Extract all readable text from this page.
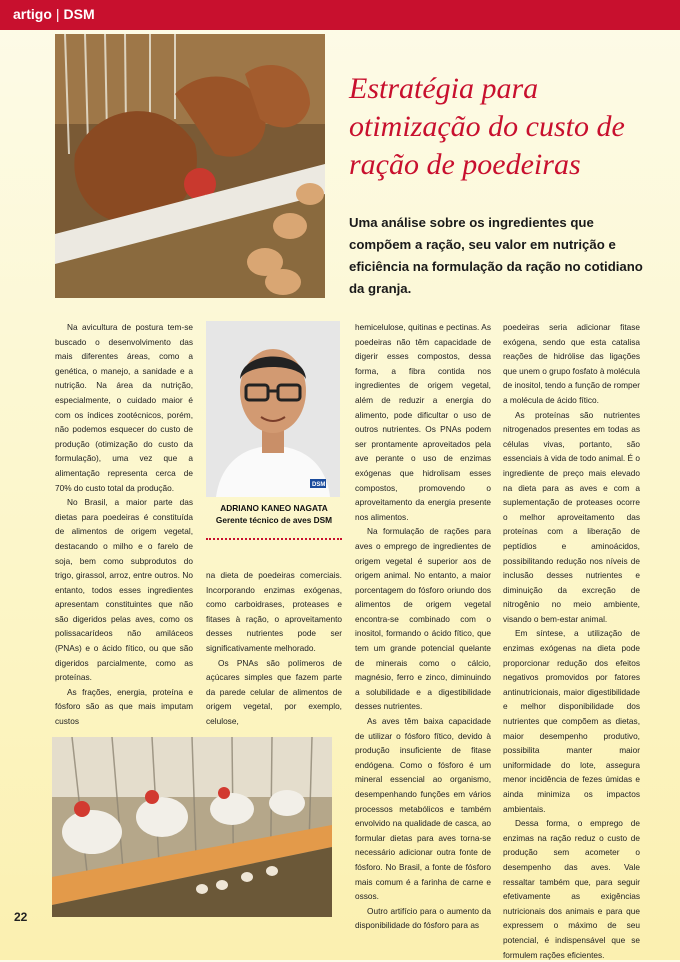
artigo | DSM
Estratégia para otimização do custo de ração de poedeiras

Uma análise sobre os ingredientes que compõem a ração, seu valor em nutrição e eficiência na formulação da ração no cotidiano da granja.

Na avicultura de postura tem-se buscado o desenvolvimento das mais diferentes áreas, como a genética, o manejo, a sanidade e a nutrição. Na área da nutrição, especialmente, o cuidado maior é com os índices zootécnicos, porém, não podemos esquecer do custo de produção (otimização do custo da formulação), uma vez que a alimentação representa cerca de 70% do custo total da produção.

No Brasil, a maior parte das dietas para poedeiras é constituída de alimentos de origem vegetal, destacando o milho e o farelo de soja, bem como subprodutos do trigo, girassol, arroz, entre outros. No entanto, todos esses ingredientes apresentam constituintes que não são digeridos pelas aves, como os polissacarídeos não amiláceos (PNAs) e o ácido fítico, ou que são digeridos parcialmente, como as proteínas.

As frações, energia, proteína e fósforo são as que mais imputam custos

DSM
ADRIANO KANEO NAGATA
Gerente técnico de aves DSM

na dieta de poedeiras comerciais. Incorporando enzimas exógenas, como carboidrases, proteases e fitases à ração, o aproveitamento desses nutrientes pode ser significativamente melhorado.

Os PNAs são polímeros de açúcares simples que fazem parte da parede celular de alimentos de origem vegetal, por exemplo, celulose,

hemicelulose, quitinas e pectinas. As poedeiras não têm capacidade de digerir esses compostos, dessa forma, a fibra contida nos ingredientes de origem vegetal, além de reduzir a energia do alimento, pode dificultar o uso de outros nutrientes. Os PNAs podem ser prontamente aproveitados pela ave perante o uso de enzimas exógenas que hidrolisam esses compostos, promovendo o aproveitamento da energia presente nos alimentos.

Na formulação de rações para aves o emprego de ingredientes de origem vegetal é superior aos de origem animal. No entanto, a maior porcentagem do fósforo oriundo dos alimentos de origem vegetal encontra-se combinado com o inositol, formando o ácido fítico, que tem um grande potencial quelante de minerais como o cálcio, magnésio, ferro e zinco, diminuindo a solubilidade e a digestibilidade desses nutrientes.

As aves têm baixa capacidade de utilizar o fósforo fítico, devido à produção insuficiente de fitase endógena. Como o fósforo é um mineral essencial ao organismo, desempenhando funções em vários processos metabólicos e também envolvido na qualidade de casca, ao formular dietas para aves torna-se necessário adicionar outra fonte de fósforo. No Brasil, a fonte de fósforo mais comum é a farinha de carne e ossos.

Outro artifício para o aumento da disponibilidade do fósforo para as

poedeiras seria adicionar fitase exógena, sendo que esta catalisa reações de hidrólise das ligações que unem o grupo fosfato à molécula de inositol, tendo a função de romper a molécula de ácido fítico.

As proteínas são nutrientes nitrogenados presentes em todas as células vivas, portanto, são essenciais à vida de todo animal. É o ingrediente de preço mais elevado na dieta para as aves e com a suplementação de proteases ocorre o melhor aproveitamento das proteínas com a liberação de peptídios e aminoácidos, possibilitando redução nos níveis de inclusão desses nutrientes e diminuição da excreção de nitrogênio no meio ambiente, visando o bem-estar animal.

Em síntese, a utilização de enzimas exógenas na dieta pode proporcionar redução dos efeitos negativos promovidos por fatores antinutricionais, maior digestibilidade e melhor disponibilidade dos nutrientes que compõem as dietas, maior desempenho produtivo, possibilita manter maior uniformidade do lote, assegura menor incidência de fezes úmidas e ainda minimiza os impactos ambientais.

Dessa forma, o emprego de enzimas na ração reduz o custo de produção sem acometer o desempenho das aves. Vale ressaltar também que, para seguir efetivamente as exigências nutricionais dos animais e para que expressem o máximo de seu potencial, é indispensável que se formulem rações eficientes.

22
